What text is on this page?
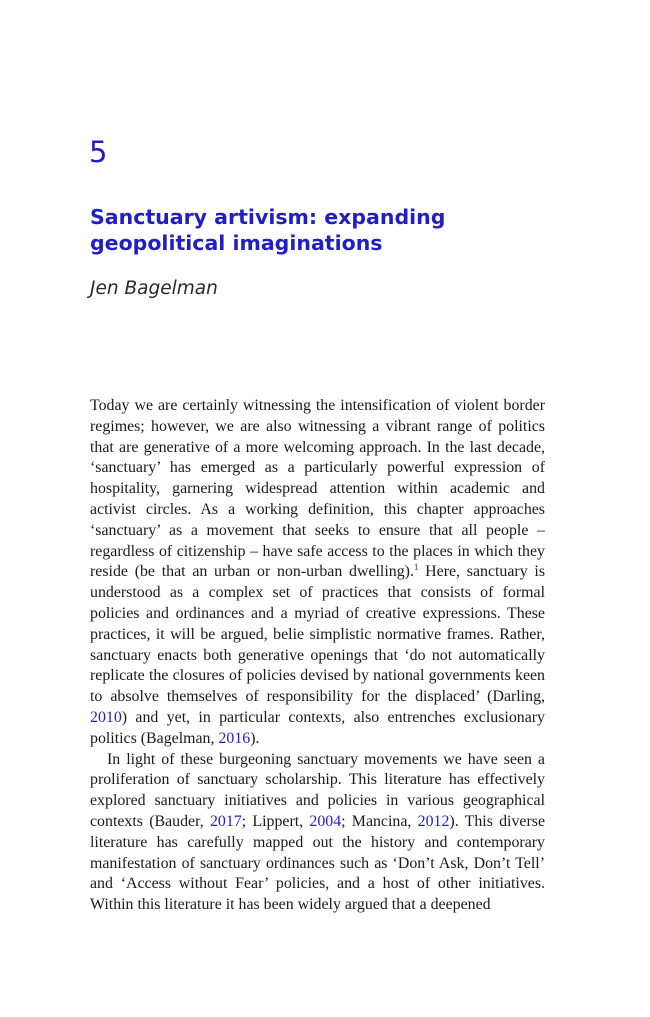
5
Sanctuary artivism: expanding geopolitical imaginations
Jen Bagelman

Today we are certainly witnessing the intensification of violent border regimes; however, we are also witnessing a vibrant range of politics that are generative of a more welcoming approach. In the last decade, ‘sanctuary’ has emerged as a particularly powerful expression of hospitality, garnering widespread attention within academic and activist circles. As a working definition, this chapter approaches ‘sanctuary’ as a movement that seeks to ensure that all people – regardless of citizenship – have safe access to the places in which they reside (be that an urban or non-urban dwelling).$^1$ Here, sanctuary is understood as a complex set of practices that consists of formal policies and ordinances and a myriad of creative expressions. These practices, it will be argued, belie simplistic normative frames. Rather, sanctuary enacts both generative openings that ‘do not automatically replicate the closures of policies devised by national governments keen to absolve themselves of responsibility for the displaced’ (Darling, 2010) and yet, in particular contexts, also entrenches exclusionary politics (Bagelman, 2016).

In light of these burgeoning sanctuary movements we have seen a proliferation of sanctuary scholarship. This literature has effectively explored sanctuary initiatives and policies in various geographical contexts (Bauder, 2017; Lippert, 2004; Mancina, 2012). This diverse literature has carefully mapped out the history and contemporary manifestation of sanctuary ordinances such as ‘Don’t Ask, Don’t Tell’ and ‘Access without Fear’ policies, and a host of other initiatives. Within this literature it has been widely argued that a deepened
